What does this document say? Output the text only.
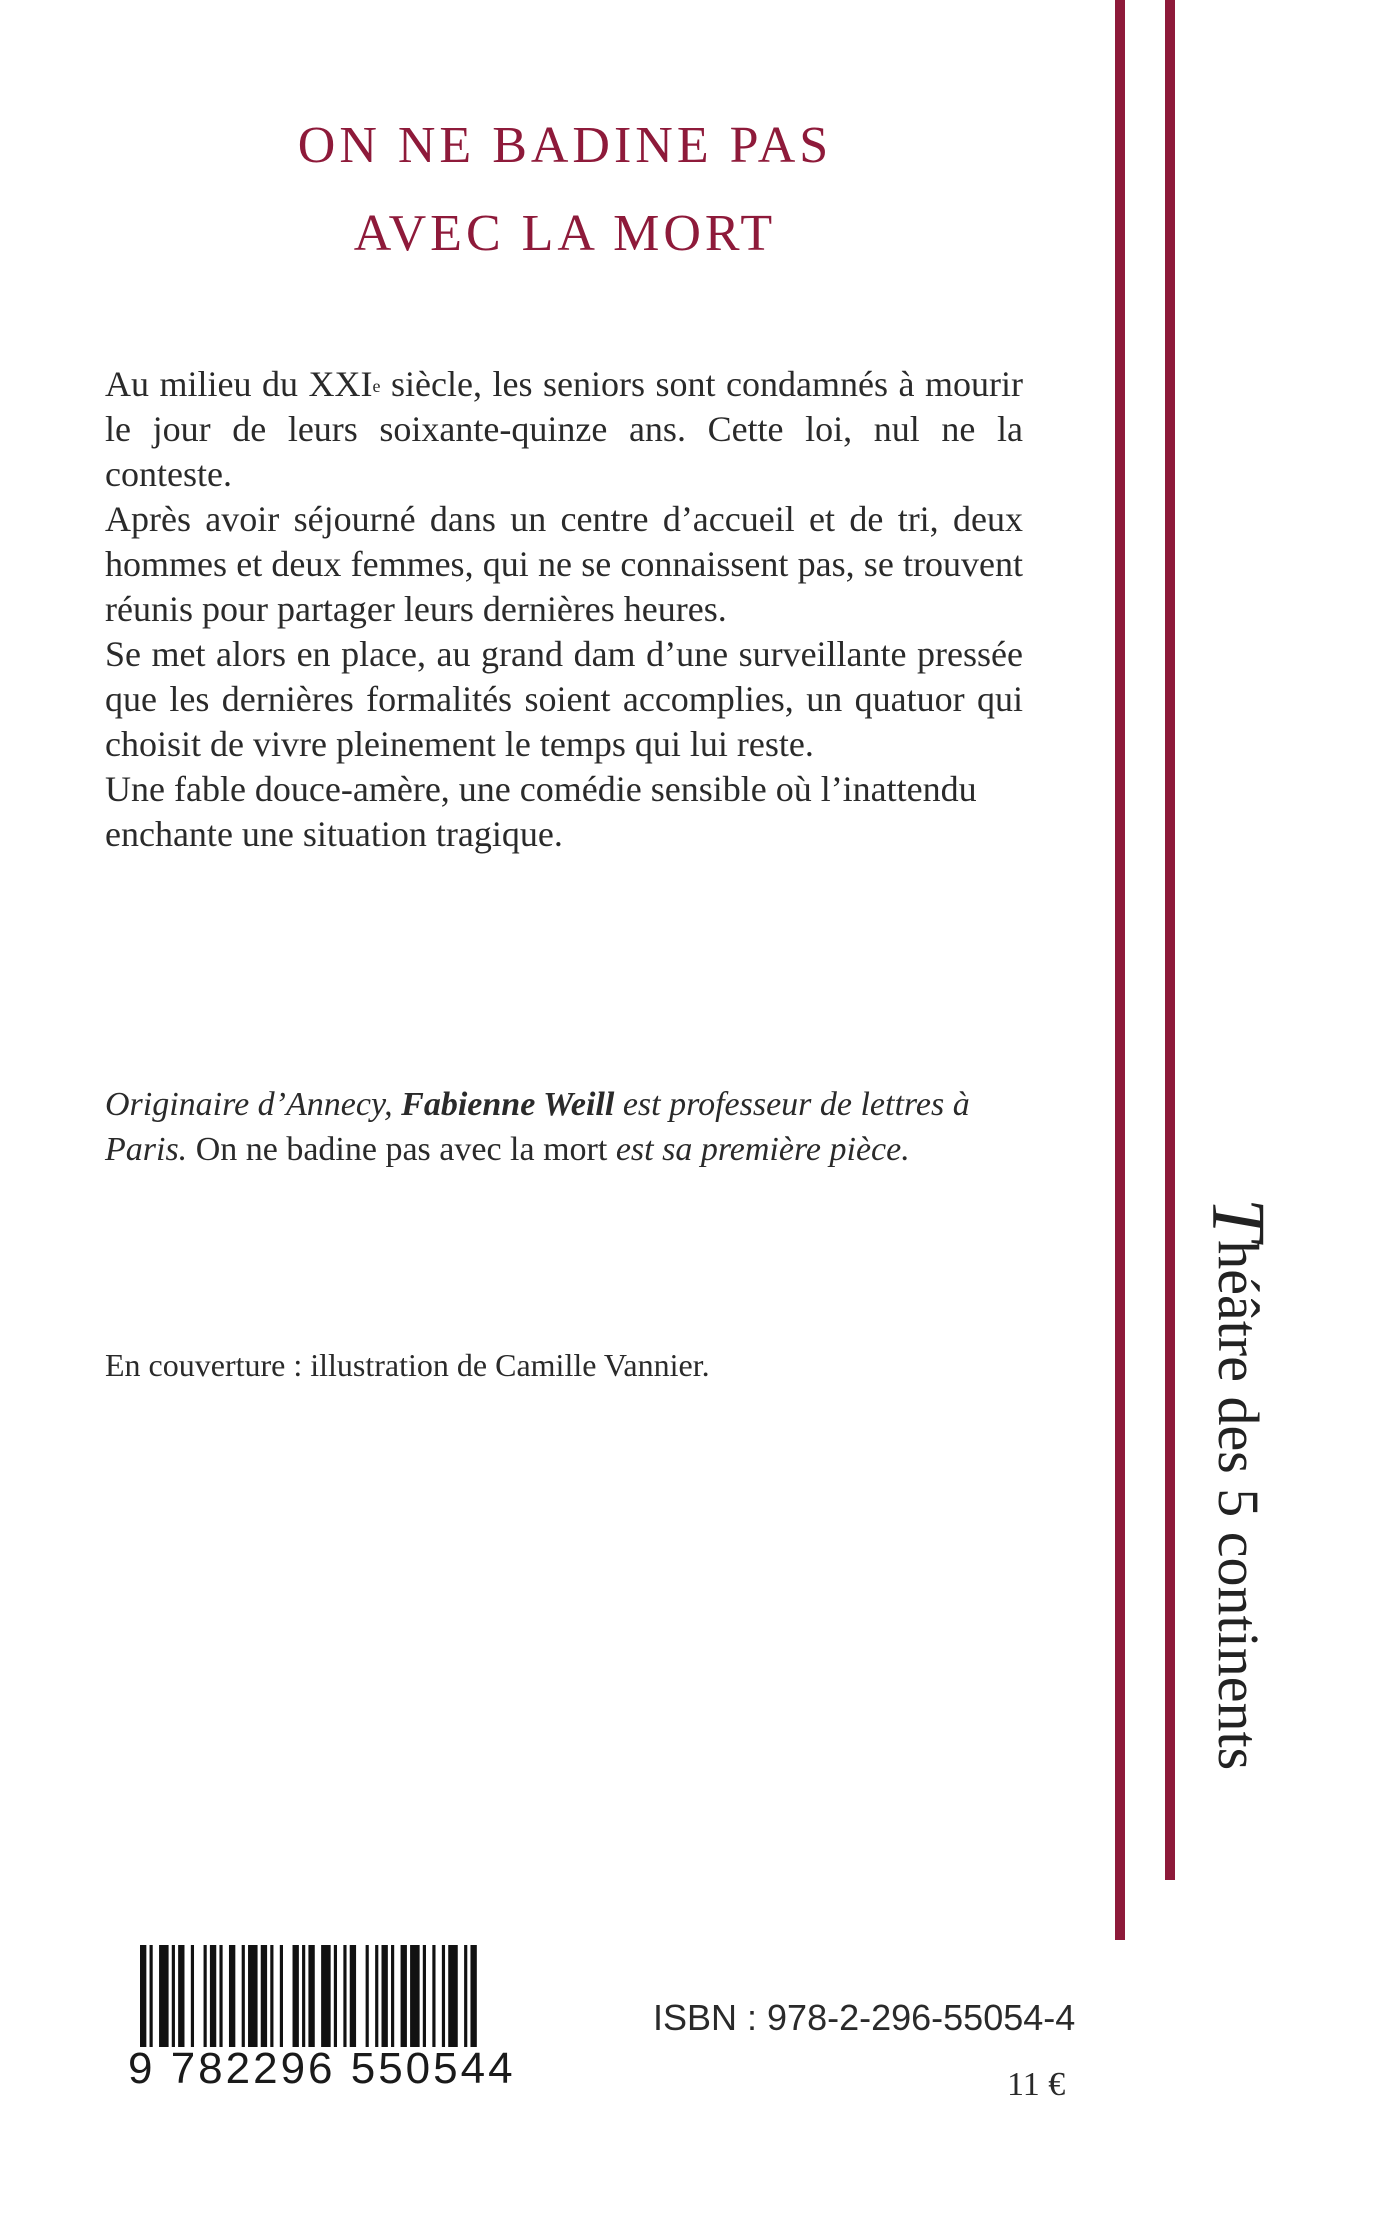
ON NE BADINE PAS
AVEC LA MORT

Au milieu du XXIe siècle, les seniors sont condamnés à mourir le jour de leurs soixante-quinze ans. Cette loi, nul ne la conteste.

Après avoir séjourné dans un centre d’accueil et de tri, deux hommes et deux femmes, qui ne se connaissent pas, se trouvent réunis pour partager leurs dernières heures.

Se met alors en place, au grand dam d’une surveillante pressée que les dernières formalités soient accomplies, un quatuor qui choisit de vivre pleinement le temps qui lui reste.

Une fable douce-amère, une comédie sensible où l’inattendu enchante une situation tragique.

Originaire d’Annecy, Fabienne Weill est professeur de lettres à Paris. On ne badine pas avec la mort est sa première pièce.
En couverture : illustration de Camille Vannier.
Théâtre des 5 continents
9 782296 550544
ISBN : 978-2-296-55054-4
11 €
